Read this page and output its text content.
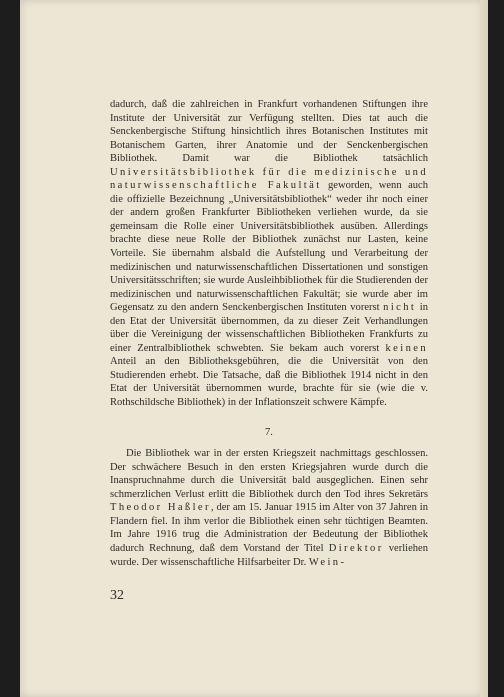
dadurch, daß die zahlreichen in Frankfurt vorhandenen Stiftungen ihre Institute der Universität zur Verfügung stellten. Dies tat auch die Senckenbergische Stiftung hinsichtlich ihres Botanischen Institutes mit Botanischem Garten, ihrer Anatomie und der Senckenbergischen Bibliothek. Damit war die Bibliothek tatsächlich Universitätsbibliothek für die medizinische und naturwissenschaftliche Fakultät geworden, wenn auch die offizielle Bezeichnung „Universitätsbibliothek“ weder ihr noch einer der andern großen Frankfurter Bibliotheken verliehen wurde, da sie gemeinsam die Rolle einer Universitätsbibliothek ausüben. Allerdings brachte diese neue Rolle der Bibliothek zunächst nur Lasten, keine Vorteile. Sie übernahm alsbald die Aufstellung und Verarbeitung der medizinischen und naturwissenschaftlichen Dissertationen und sonstigen Universitätsschriften; sie wurde Ausleihbibliothek für die Studierenden der medizinischen und naturwissenschaftlichen Fakultät; sie wurde aber im Gegensatz zu den andern Senckenbergischen Instituten vorerst nicht in den Etat der Universität übernommen, da zu dieser Zeit Verhandlungen über die Vereinigung der wissenschaftlichen Bibliotheken Frankfurts zu einer Zentralbibliothek schwebten. Sie bekam auch vorerst keinen Anteil an den Bibliotheksgebühren, die die Universität von den Studierenden erhebt. Die Tatsache, daß die Bibliothek 1914 nicht in den Etat der Universität übernommen wurde, brachte für sie (wie die v. Rothschildsche Bibliothek) in der Inflationszeit schwere Kämpfe.

7.

Die Bibliothek war in der ersten Kriegszeit nachmittags geschlossen. Der schwächere Besuch in den ersten Kriegsjahren wurde durch die Inanspruchnahme durch die Universität bald ausgeglichen. Einen sehr schmerzlichen Verlust erlitt die Bibliothek durch den Tod ihres Sekretärs Theodor Haßler, der am 15. Januar 1915 im Alter von 37 Jahren in Flandern fiel. In ihm verlor die Bibliothek einen sehr tüchtigen Beamten. Im Jahre 1916 trug die Administration der Bedeutung der Bibliothek dadurch Rechnung, daß dem Vorstand der Titel Direktor verliehen wurde. Der wissenschaftliche Hilfsarbeiter Dr. Wein-

32
